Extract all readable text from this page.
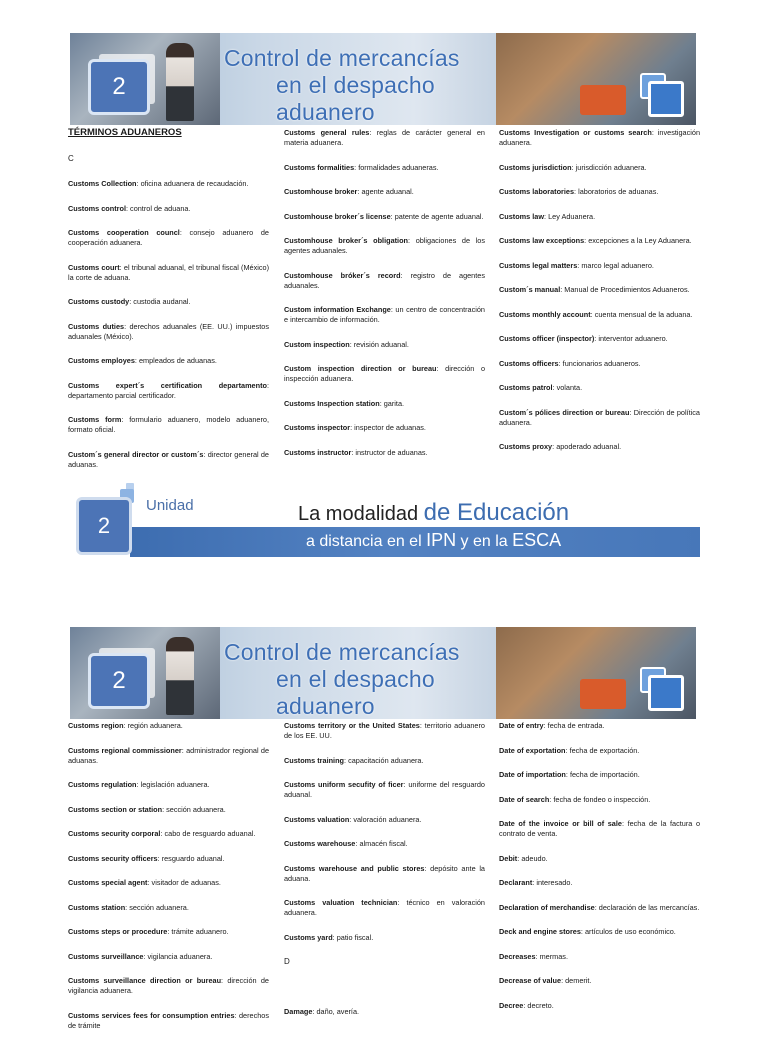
2
Control de mercancías
en el despacho aduanero
TÉRMINOS ADUANEROS
C
Customs Collection: oficina aduanera de recaudación.
Customs control: control de aduana.
Customs cooperation councl: consejo aduanero de cooperación aduanera.
Customs court: el tribunal aduanal, el tribunal fiscal (México) la corte de aduana.
Customs custody: custodia audanal.
Customs duties: derechos aduanales (EE. UU.) impuestos aduanales (México).
Customs employes: empleados de aduanas.
Customs expert´s certification departamento: departamento parcial certificador.
Customs form: formulario aduanero, modelo aduanero, formato oficial.
Custom´s general director or custom´s: director general de aduanas.
Customs general rules: reglas de carácter general en materia aduanera.
Customs formalities: formalidades aduaneras.
Customhouse broker: agente aduanal.
Customhouse broker´s license: patente de agente aduanal.
Customhouse broker´s obligation: obligaciones de los agentes aduanales.
Customhouse bróker´s record: registro de agentes aduanales.
Custom information Exchange: un centro de concentración e intercambio de información.
Custom inspection: revisión aduanal.
Custom inspection direction or bureau: dirección o inspección aduanera.
Customs Inspection station: garita.
Customs inspector: inspector de aduanas.
Customs instructor: instructor de aduanas.
Customs Investigation or customs search: investigación aduanera.
Customs jurisdiction: jurisdicción aduanera.
Customs laboratories: laboratorios de aduanas.
Customs law: Ley Aduanera.
Customs law exceptions: excepciones a la Ley Aduanera.
Customs legal matters: marco legal aduanero.
Custom´s manual: Manual de Procedimientos Aduaneros.
Customs monthly account: cuenta mensual de la aduana.
Customs officer (inspector): interventor aduanero.
Customs officers: funcionarios aduaneros.
Customs patrol: volanta.
Custom´s pólices direction or bureau: Dirección de política aduanera.
Customs proxy: apoderado aduanal.
2
Unidad	La modalidad de Educación
a distancia en el IPN y en la ESCA
2
Control de mercancías
en el despacho aduanero
Customs region: región aduanera.
Customs regional commissioner: administrador regional de aduanas.
Customs regulation: legislación aduanera.
Customs section or station: sección aduanera.
Customs security corporal: cabo de resguardo aduanal.
Customs security officers: resguardo aduanal.
Customs special agent: visitador de aduanas.
Customs station: sección aduanera.
Customs steps or procedure: trámite aduanero.
Customs surveillance: vigilancia aduanera.
Customs surveillance direction or bureau: dirección de vigilancia aduanera.
Customs services fees for consumption entries: derechos de trámite
Customs territory or the United States: territorio aduanero de los EE. UU.
Customs training: capacitación aduanera.
Customs uniform secufity of ficer: uniforme del resguardo aduanal.
Customs valuation: valoración aduanera.
Customs warehouse: almacén fiscal.
Customs warehouse and public stores: depósito ante la aduana.
Customs valuation technician: técnico en valoración aduanera.
Customs yard: patio fiscal.
D
Damage: daño, avería.
Date of entry: fecha de entrada.
Date of exportation: fecha de exportación.
Date of importation: fecha de importación.
Date of search: fecha de fondeo o inspección.
Date of the invoice or bill of sale: fecha de la factura o contrato de venta.
Debit: adeudo.
Declarant: interesado.
Declaration of merchandise: declaración de las mercancías.
Deck and engine stores: artículos de uso económico.
Decreases: mermas.
Decrease of value: demerit.
Decree: decreto.
